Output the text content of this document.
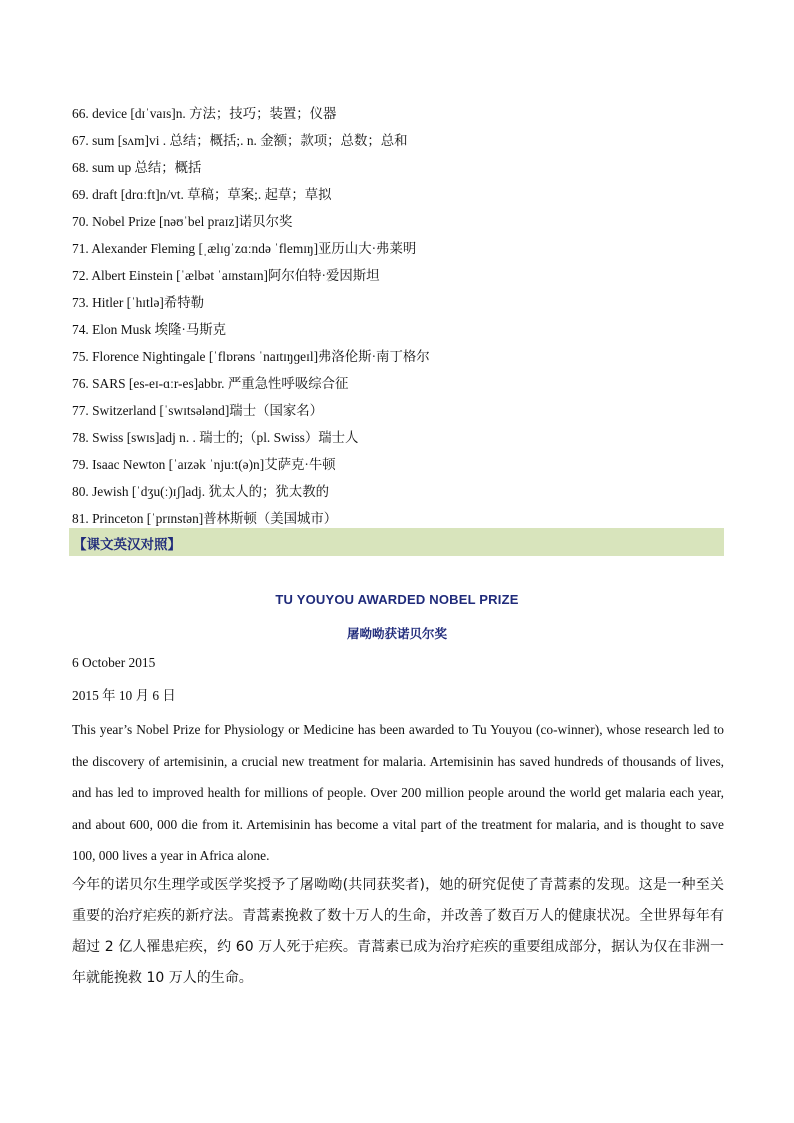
66. device [dɪˈvaɪs]n. 方法；技巧；装置；仪器
67. sum [sʌm]vi . 总结；概括;. n. 金额；款项；总数；总和
68. sum up 总结；概括
69. draft [drɑːft]n/vt. 草稿；草案;. 起草；草拟
70. Nobel Prize [nəʊˈbel praɪz]诺贝尔奖
71. Alexander Fleming [ˌælɪɡˈzɑːndə ˈflemɪŋ]亚历山大·弗莱明
72. Albert Einstein [ˈælbət ˈaɪnstaɪn]阿尔伯特·爱因斯坦
73. Hitler [ˈhɪtlə]希特勒
74. Elon Musk 埃隆·马斯克
75. Florence Nightingale [ˈflɒrəns ˈnaɪtɪŋɡeɪl]弗洛伦斯·南丁格尔
76. SARS [es-eɪ-ɑːr-es]abbr. 严重急性呼吸综合征
77. Switzerland [ˈswɪtsələnd]瑞士（国家名）
78. Swiss [swɪs]adj n. . 瑞士的;（pl. Swiss）瑞士人
79. Isaac Newton [ˈaɪzək ˈnjuːt(ə)n]艾萨克·牛顿
80. Jewish [ˈdʒu(ː)ɪʃ]adj. 犹太人的；犹太教的
81. Princeton [ˈprɪnstən]普林斯顿（美国城市）
【课文英汉对照】
TU YOUYOU AWARDED NOBEL PRIZE
屠呦呦获诺贝尔奖
6 October 2015
2015 年 10 月 6 日
This year’s Nobel Prize for Physiology or Medicine has been awarded to Tu Youyou (co-winner), whose research led to the discovery of artemisinin, a crucial new treatment for malaria. Artemisinin has saved hundreds of thousands of lives, and has led to improved health for millions of people. Over 200 million people around the world get malaria each year, and about 600, 000 die from it. Artemisinin has become a vital part of the treatment for malaria, and is thought to save 100, 000 lives a year in Africa alone.
今年的诺贝尔生理学或医学奖授予了屠呦呦(共同获奖者)，她的研究促使了青蒿素的发现。这是一种至关重要的治疗疟疾的新疗法。青蒿素挽救了数十万人的生命，并改善了数百万人的健康状况。全世界每年有超过 2 亿人罹患疟疾，约 60 万人死于疟疾。青蒿素已成为治疗疟疾的重要组成部分，据认为仅在非洲一年就能挽救 10 万人的生命。
